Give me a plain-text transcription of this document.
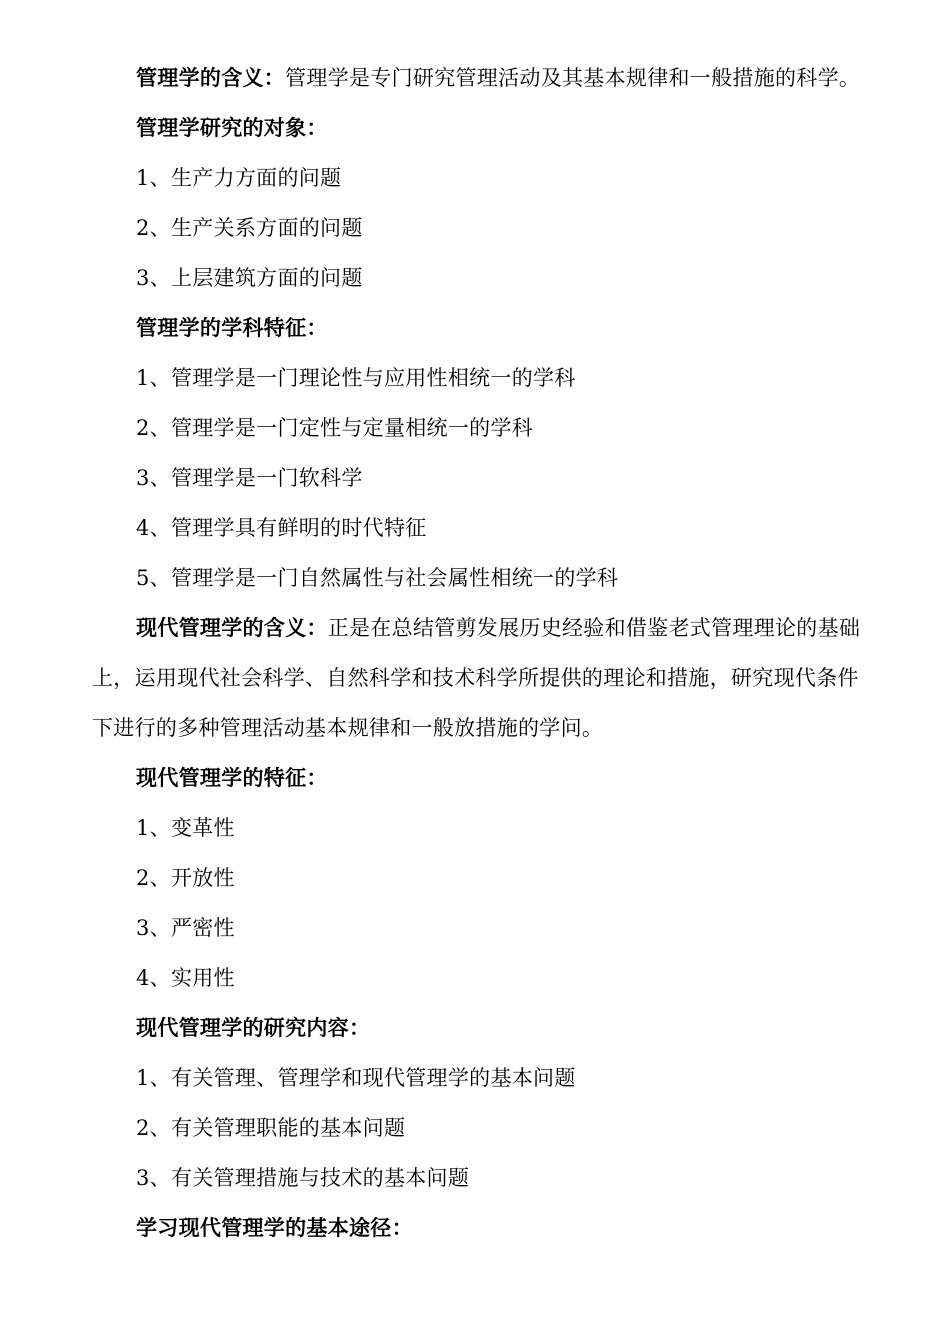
管理学的含义：管理学是专门研究管理活动及其基本规律和一般措施的科学。

管理学研究的对象：

1、生产力方面的问题

2、生产关系方面的问题

3、上层建筑方面的问题

管理学的学科特征：

1、管理学是一门理论性与应用性相统一的学科

2、管理学是一门定性与定量相统一的学科

3、管理学是一门软科学

4、管理学具有鲜明的时代特征

5、管理学是一门自然属性与社会属性相统一的学科

现代管理学的含义：正是在总结管剪发展历史经验和借鉴老式管理理论的基础上，运用现代社会科学、自然科学和技术科学所提供的理论和措施，研究现代条件下进行的多种管理活动基本规律和一般放措施的学问。

现代管理学的特征：

1、变革性

2、开放性

3、严密性

4、实用性

现代管理学的研究内容：

1、有关管理、管理学和现代管理学的基本问题

2、有关管理职能的基本问题

3、有关管理措施与技术的基本问题

学习现代管理学的基本途径：
